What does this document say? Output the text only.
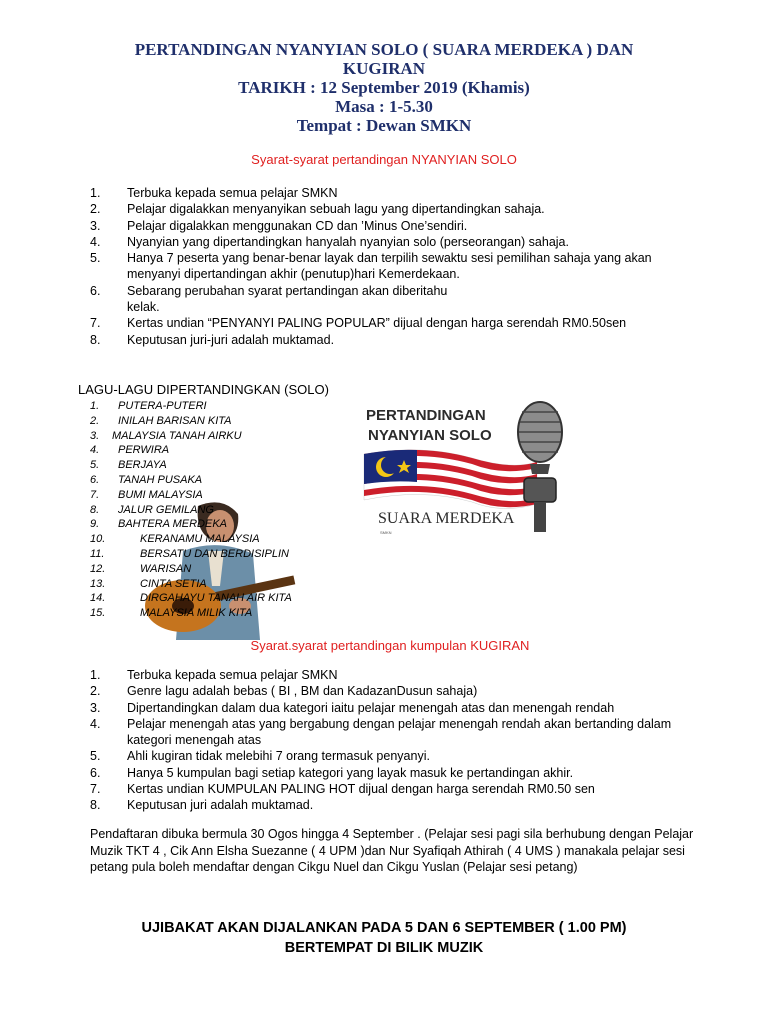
PERTANDINGAN NYANYIAN SOLO ( SUARA MERDEKA ) DAN
KUGIRAN
TARIKH : 12 September 2019 (Khamis)
Masa : 1-5.30
Tempat : Dewan SMKN
Syarat-syarat pertandingan NYANYIAN SOLO
1.	Terbuka kepada semua pelajar SMKN
2.	Pelajar digalakkan menyanyikan sebuah lagu yang dipertandingkan sahaja.
3.	Pelajar digalakkan menggunakan CD dan ’Minus One’sendiri.
4.	Nyanyian yang dipertandingkan hanyalah nyanyian solo (perseorangan) sahaja.
5.	Hanya 7 peserta yang benar-benar layak dan terpilih sewaktu sesi pemilihan sahaja yang akan menyanyi dipertandingan akhir (penutup)hari Kemerdekaan.
6.	Sebarang perubahan syarat pertandingan akan diberitahu kelak.
7.	Kertas undian “PENYANYI PALING POPULAR” dijual dengan harga serendah RM0.50sen
8.	Keputusan juri-juri adalah muktamad.
LAGU-LAGU DIPERTANDINGKAN (SOLO)
1. PUTERA-PUTERI
2. INILAH BARISAN KITA
3. MALAYSIA TANAH AIRKU
4. PERWIRA
5. BERJAYA
6. TANAH PUSAKA
7. BUMI MALAYSIA
8. JALUR GEMILANG
9. BAHTERA MERDEKA
10.	KERANAMU MALAYSIA
11.	BERSATU DAN BERDISIPLIN
12.	WARISAN
13.	CINTA SETIA
14.	DIRGAHAYU TANAH AIR KITA
15.	MALAYSIA MILIK KITA
PERTANDINGAN
NYANYIAN SOLO
SUARA MERDEKA
SMKN
Syarat.syarat pertandingan kumpulan KUGIRAN
1.	Terbuka kepada semua pelajar SMKN
2.	Genre lagu adalah bebas ( BI , BM dan KadazanDusun sahaja)
3.	Dipertandingkan dalam dua kategori iaitu pelajar menengah atas dan menengah rendah
4.	Pelajar menengah atas yang bergabung dengan pelajar menengah rendah akan bertanding dalam kategori menengah atas
5.	Ahli kugiran tidak melebihi 7 orang termasuk penyanyi.
6.	Hanya 5 kumpulan bagi setiap kategori yang layak masuk ke pertandingan akhir.
7.	Kertas undian KUMPULAN PALING HOT dijual dengan harga serendah RM0.50 sen
8.	Keputusan juri adalah muktamad.

Pendaftaran dibuka bermula 30 Ogos hingga 4 September . (Pelajar sesi pagi sila berhubung dengan Pelajar Muzik TKT 4 , Cik Ann Elsha Suezanne ( 4 UPM )dan Nur Syafiqah Athirah ( 4 UMS ) manakala pelajar sesi petang pula boleh mendaftar dengan Cikgu Nuel dan Cikgu Yuslan (Pelajar sesi petang)

UJIBAKAT AKAN DIJALANKAN PADA 5 DAN 6 SEPTEMBER ( 1.00 PM)
BERTEMPAT DI BILIK MUZIK
